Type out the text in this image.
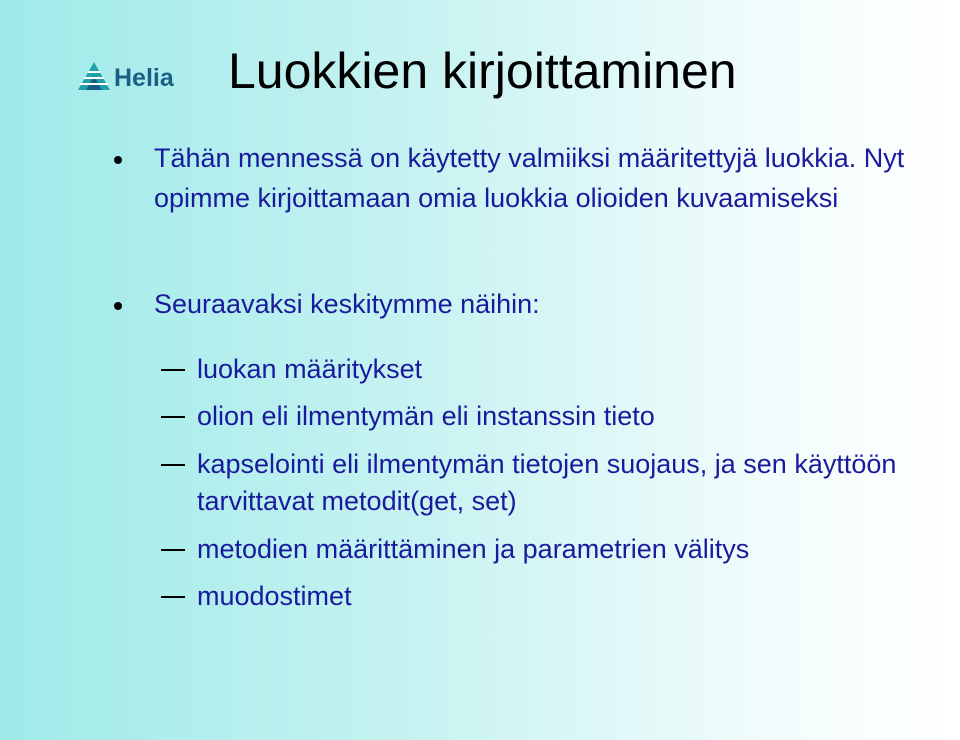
Helia Luokkien kirjoittaminen
Tähän mennessä on käytetty valmiiksi määritettyjä luokkia. Nyt opimme kirjoittamaan omia luokkia olioiden kuvaamiseksi
Seuraavaksi keskitymme näihin:
luokan määritykset
olion eli ilmentymän eli instanssin tieto
kapselointi eli ilmentymän tietojen suojaus, ja sen käyttöön tarvittavat metodit(get, set)
metodien määrittäminen ja parametrien välitys
muodostimet
